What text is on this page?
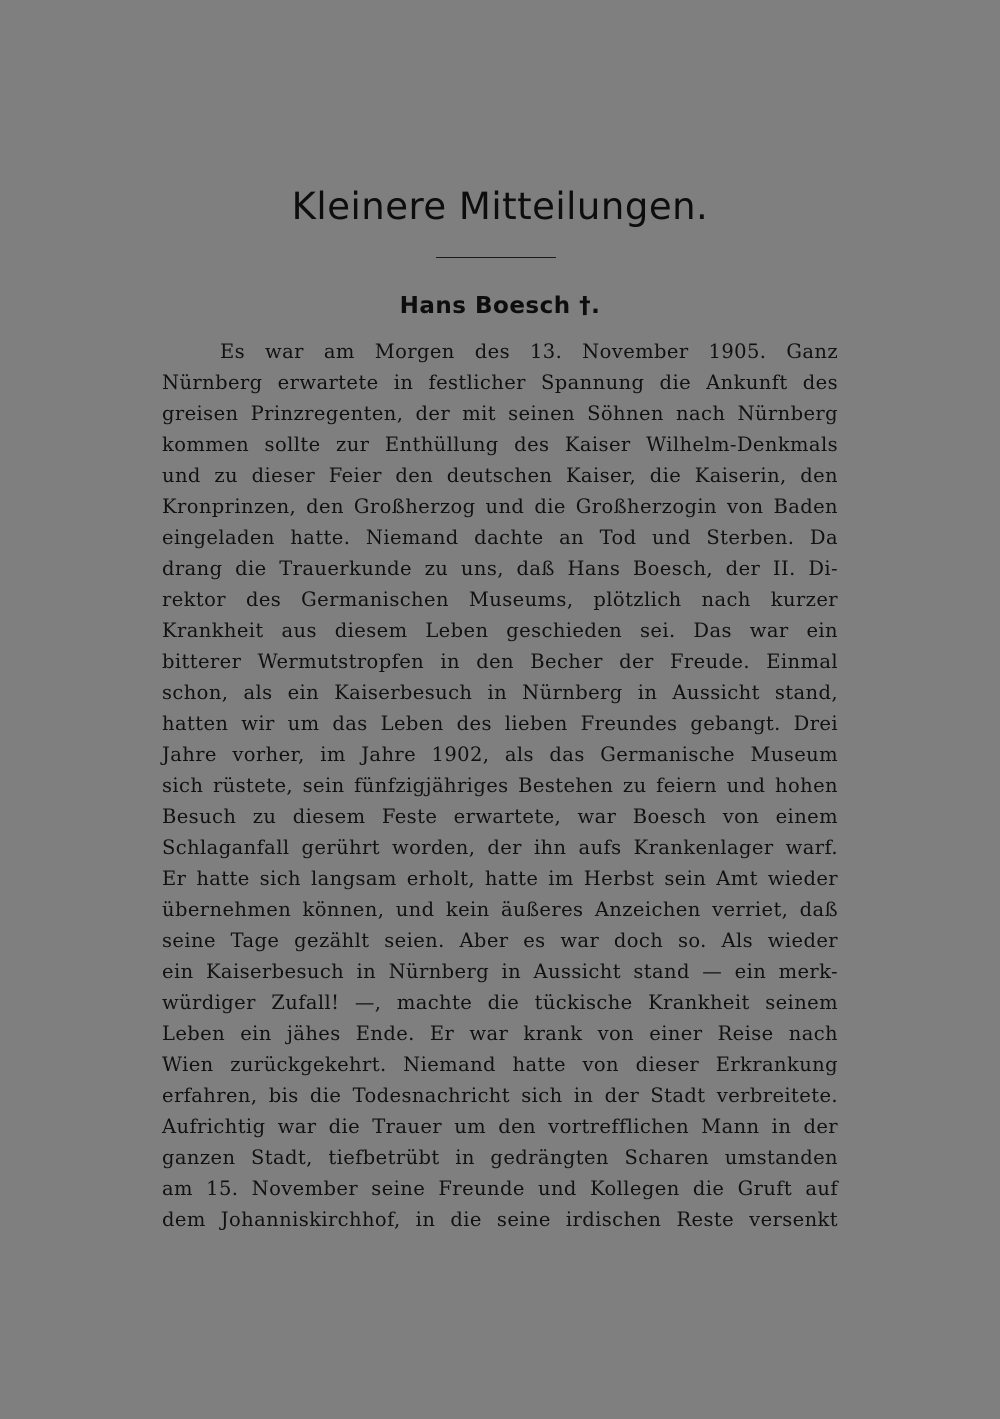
Kleinere Mitteilungen.
Hans Boesch †.
Es war am Morgen des 13. November 1905. Ganz
Nürnberg erwartete in festlicher Spannung die Ankunft des
greisen Prinzregenten, der mit seinen Söhnen nach Nürnberg
kommen sollte zur Enthüllung des Kaiser Wilhelm-Denkmals
und zu dieser Feier den deutschen Kaiser, die Kaiserin, den
Kronprinzen, den Großherzog und die Großherzogin von Baden
eingeladen hatte. Niemand dachte an Tod und Sterben. Da
drang die Trauerkunde zu uns, daß Hans Boesch, der II. Di-
rektor des Germanischen Museums, plötzlich nach kurzer
Krankheit aus diesem Leben geschieden sei. Das war ein
bitterer Wermutstropfen in den Becher der Freude. Einmal
schon, als ein Kaiserbesuch in Nürnberg in Aussicht stand,
hatten wir um das Leben des lieben Freundes gebangt. Drei
Jahre vorher, im Jahre 1902, als das Germanische Museum
sich rüstete, sein fünfzigjähriges Bestehen zu feiern und hohen
Besuch zu diesem Feste erwartete, war Boesch von einem
Schlaganfall gerührt worden, der ihn aufs Krankenlager warf.
Er hatte sich langsam erholt, hatte im Herbst sein Amt wieder
übernehmen können, und kein äußeres Anzeichen verriet, daß
seine Tage gezählt seien. Aber es war doch so. Als wieder
ein Kaiserbesuch in Nürnberg in Aussicht stand — ein merk-
würdiger Zufall! —, machte die tückische Krankheit seinem
Leben ein jähes Ende. Er war krank von einer Reise nach
Wien zurückgekehrt. Niemand hatte von dieser Erkrankung
erfahren, bis die Todesnachricht sich in der Stadt verbreitete.
Aufrichtig war die Trauer um den vortrefflichen Mann in der
ganzen Stadt, tiefbetrübt in gedrängten Scharen umstanden
am 15. November seine Freunde und Kollegen die Gruft auf
dem Johanniskirchhof, in die seine irdischen Reste versenkt
